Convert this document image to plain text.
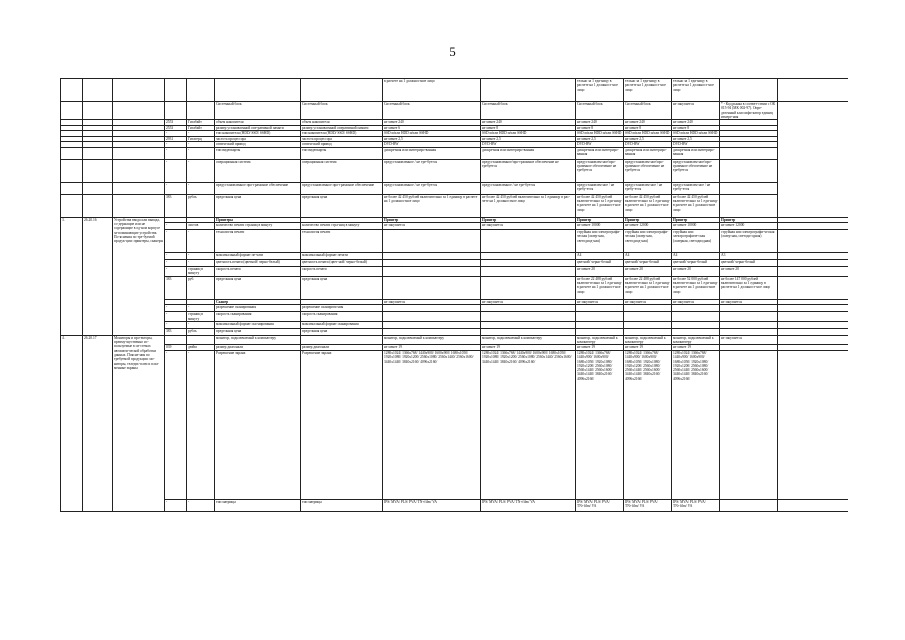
5
							в расчете на 1 должностное лицо		тельно за 1 еди-ницу в расчете на 1 должност-ное лицо	тельно за 1 еди-ницу в расчете на 1 должност-ное лицо	тельно за 1 еди-ницу в расчете на 1 должност-ное лицо		
					Системный блок	Системный блок	Системный блок	Системный блок	Системный блок	Системный блок	не закупается	* - Код рынка в соответ-ствии с ОК 015-94 (МК 002-97). Опре-деленный классифи-катор единиц измере-ния	
			2553	Гигабайт	объем накопителя	объем накопителя	не менее 240	не менее 240	не менее 240	не менее 240	не менее 240		
			2553	Гигабайт	размер установленной опе-ративной памяти	размер установленной оперативной памяти	не менее 6	не менее 8	не менее 8	не менее 8	не менее 8		
			-	-	тип накопителя (HDD/ SSD/ SSHD)	тип накопителя (HDD/ SSD/ SSHD)	SSD и/или HDD и/или SSHD	SSD и/или HDD и/или SSHD	SSD и/или HDD и/или SSHD	SSD и/или HDD и/или SSHD	SSD и/или HDD и/или SSHD		
			2931	Гигагерц	частота процессора	частота процессора	не менее 2,5	не менее 2,5	не менее 2,5	не менее 2,5	не менее 2,5		
			-	-	оптический привод	оптический привод	DVD-RW	DVD-RW	DVD-RW	DVD-RW	DVD-RW		
			-	-	тип видеокарты	тип видеокарты	дискретная или интегриро-ванная	дискретная или интегриро-ванная	дискретная или интегриро-ванная	дискретная или интегриро-ванная	дискретная или интегриро-ванная		
			-	-	операционная система	операционная система	предустановленное / не тре-буется	предустановленное/про-граммное обеспечение не требуется	предустановлен-ное/про-граммное обеспечение не требуется	предустановлен-ное/про-граммное обеспечение не требуется	предустановлен-ное/про-граммное обеспечение не требуется		
			-	-	предустановленное про-граммное обеспечение	предустановленное про-граммное обеспечение	предустановленное / не тре-буется	предустановленное / не тре-буется	предустановлен-ное / не требу-ется	предустановлен-ное / не требу-ется	предустановлен-ное / не требу-ется		
			383	рубль	предельная цена	предельная цена	не более 42 450 рублей включительно за 1 единицу в расчете на 1 должностное лицо	не более 42 450 рублей включительно за 1 единицу в рас-чете на 1 должностное лицо	не более 42 450 рублей включи-тельно за 1 еди-ницу в расчете на 1 должност-ное лицо	не более 42 450 рублей включи-тельно за 1 еди-ницу в расчете на 1 должност-ное лицо	не более 42 450 рублей включи-тельно за 1 еди-ницу в расчете на 1 должностное лицо		
3.	26.20.16	Устройства ввода или вывода, со-держащие или не содержащие в од-ном корпусе за-поминающие устройства. По-яснения по тре-буемой продук-ции: принтеры, сканеры			Принтеры		Принтер	Принтер	Принтер	Принтер	Принтер	Принтер	
			-	листов	количество печати страниц в минуту	количество печати стра-ниц в минуту	не закупается	не закупается	не менее 10000	не менее 12000	не менее 10000	не менее 12000	
			-	-	технология печати	технология печати			струйная или электрографи-ческая (лазер-ная, светодиод-ная)	струйная или электрографи-ческая (лазер-ная, светодиод-ная)	струйная или электрографиче-ская (лазерная, светодиодная)	струйная или электрографи-ческая (лазер-ная, светоди-одная)	
			-	-	максимальный формат пе-чати	максимальный формат печати			А4	А4	А4	А3	
			-	-	цветность печати (цветной/ черно-белый)	цветность печати (цвет-ной/ черно-белый)			цветной/ черно-белый	цветной/ черно-белый	цветной/ черно-белый	цветной/ черно-белый	
			-	страниц в минуту	скорость печати	скорость печати			не менее 20	не менее 20	не менее 20	не менее 20	
			383	руб.	предельная цена	предельная цена			не более 22 488 рублей включи-тельно за 1 еди-ницу в расчете на 1 должност-ное лицо	не более 22 488 рублей включи-тельно за 1 еди-ницу в расчете на 1 должност-ное лицо	не более 52 000 рублей включи-тельно за 1 еди-ницу в расчете на 1 должностное лицо	не более 147 000 рублей включительно за 1 единицу в расчете на 1 должност-ное лицо	
					Сканер		не закупается	не закупается	не закупается	не закупается	не закупается	не закупается	
			-	-	разрешение сканирования	разрешение сканирова-ния							
			-	страниц в минуту	скорость сканирования	скорость сканирования							
			-	-	максимальный формат ска-нирования	максимальный формат сканирования							
			383	рубль	предельная цена	предельная цена							
4.	26.20.17	Мониторы и про-екторы, преиму-щественно ис-пользуемые в си-стемах автомати-ческой обработки данных. Поясне-ния по требуемой продукции: мо-ниторы, теледис-плеи и плаз-менные экраны			монитор, подключаемый к компьютеру		монитор, подключаемый к компьютеру	монитор, подключаемый к компьютеру	монитор, подключаемый к компьютеру	монитор, подключаемый к компьютеру	монитор, подключаемый к компьютеру	не закупается	
			039	дюйм	размер диагонали	размер диагонали	не менее 19	не менее 19	не менее 19	не менее 19	не менее 19		
			-	-	Разрешение экрана	Разрешение экрана	1280x1024/ 1366x768/ 1440x900/ 1600x900/ 1680x1050/ 1920x1080/ 1920x1200/ 2560x1080/ 2560x1440/ 2560x1600/ 3440x1440/ 3840x2160/ 4096x2160/	1280x1024/ 1366x768/ 1440x900/ 1600x900/ 1680x1050/ 1920x1080/ 1920x1200/ 2560x1080/ 2560x1440/ 2560x1600/ 3440x1440/ 3840x2160/ 4096x2160/	1280x1024/ 1366x768/ 1440x900/ 1600x900/ 1680x1050/ 1920x1080/ 1920x1200/ 2560x1080/ 2560x1440/ 2560x1600/ 3440x1440/ 3840x2160/ 4096x2160/	1280x1024/ 1366x768/ 1440x900/ 1600x900/ 1680x1050/ 1920x1080/ 1920x1200/ 2560x1080/ 2560x1440/ 2560x1600/ 3440x1440/ 3840x2160/ 4096x2160/	1280x1024/ 1366x768/ 1440x900/ 1600x900/ 1680x1050/ 1920x1080/ 1920x1200/ 2560x1080/ 2560x1440/ 2560x1600/ 3440x1440/ 3840x2160/ 4096x2160/		
			-	-	тип матрицы	тип матрицы	IPS/ MVA/ PLS/ PVA/ TN+film/ VA	IPS/ MVA/ PLS/ PVA/ TN+film/ VA	IPS/ MVA/ PLS/ PVA/ TN+film/ VA	IPS/ MVA/ PLS/ PVA/ TN+film/ VA	IPS/ MVA/ PLS/ PVA/ TN+film/ VA		
